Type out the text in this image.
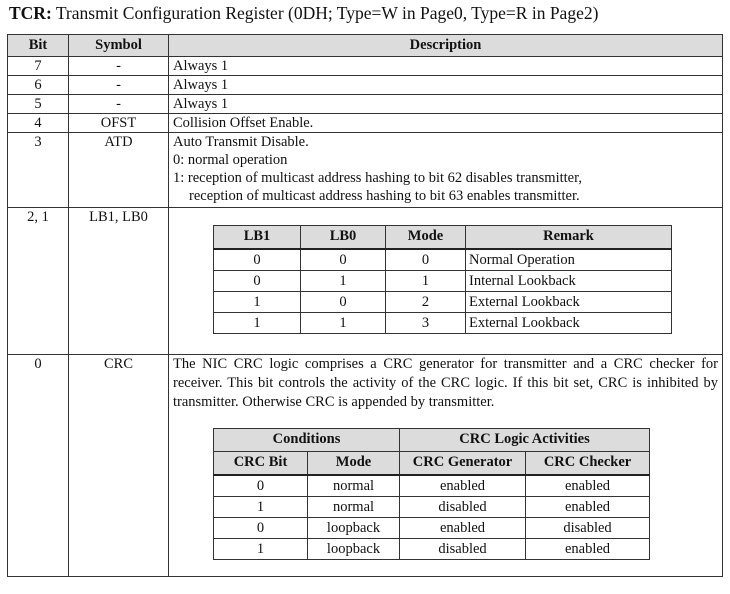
TCR: Transmit Configuration Register (0DH; Type=W in Page0, Type=R in Page2)
Bit	Symbol	Description
7	-	Always 1
6	-	Always 1
5	-	Always 1
4	OFST	Collision Offset Enable.
3	ATD	Auto Transmit Disable.
0: normal operation
1: reception of multicast address hashing to bit 62 disables transmitter,
reception of multicast address hashing to bit 63 enables transmitter.

2, 1	LB1, LB0	
LB1	LB0	Mode	Remark
0	0	0	Normal Operation
0	1	1	Internal Lookback
1	0	2	External Lookback
1	1	3	External Lookback

0	CRC	The NIC CRC logic comprises a CRC generator for transmitter and a CRC checker for receiver. This bit controls the activity of the CRC logic. If this bit set, CRC is inhibited by transmitter. Otherwise CRC is appended by transmitter.
Conditions	CRC Logic Activities
CRC Bit	Mode	CRC Generator	CRC Checker
0	normal	enabled	enabled
1	normal	disabled	enabled
0	loopback	enabled	disabled
1	loopback	disabled	enabled
